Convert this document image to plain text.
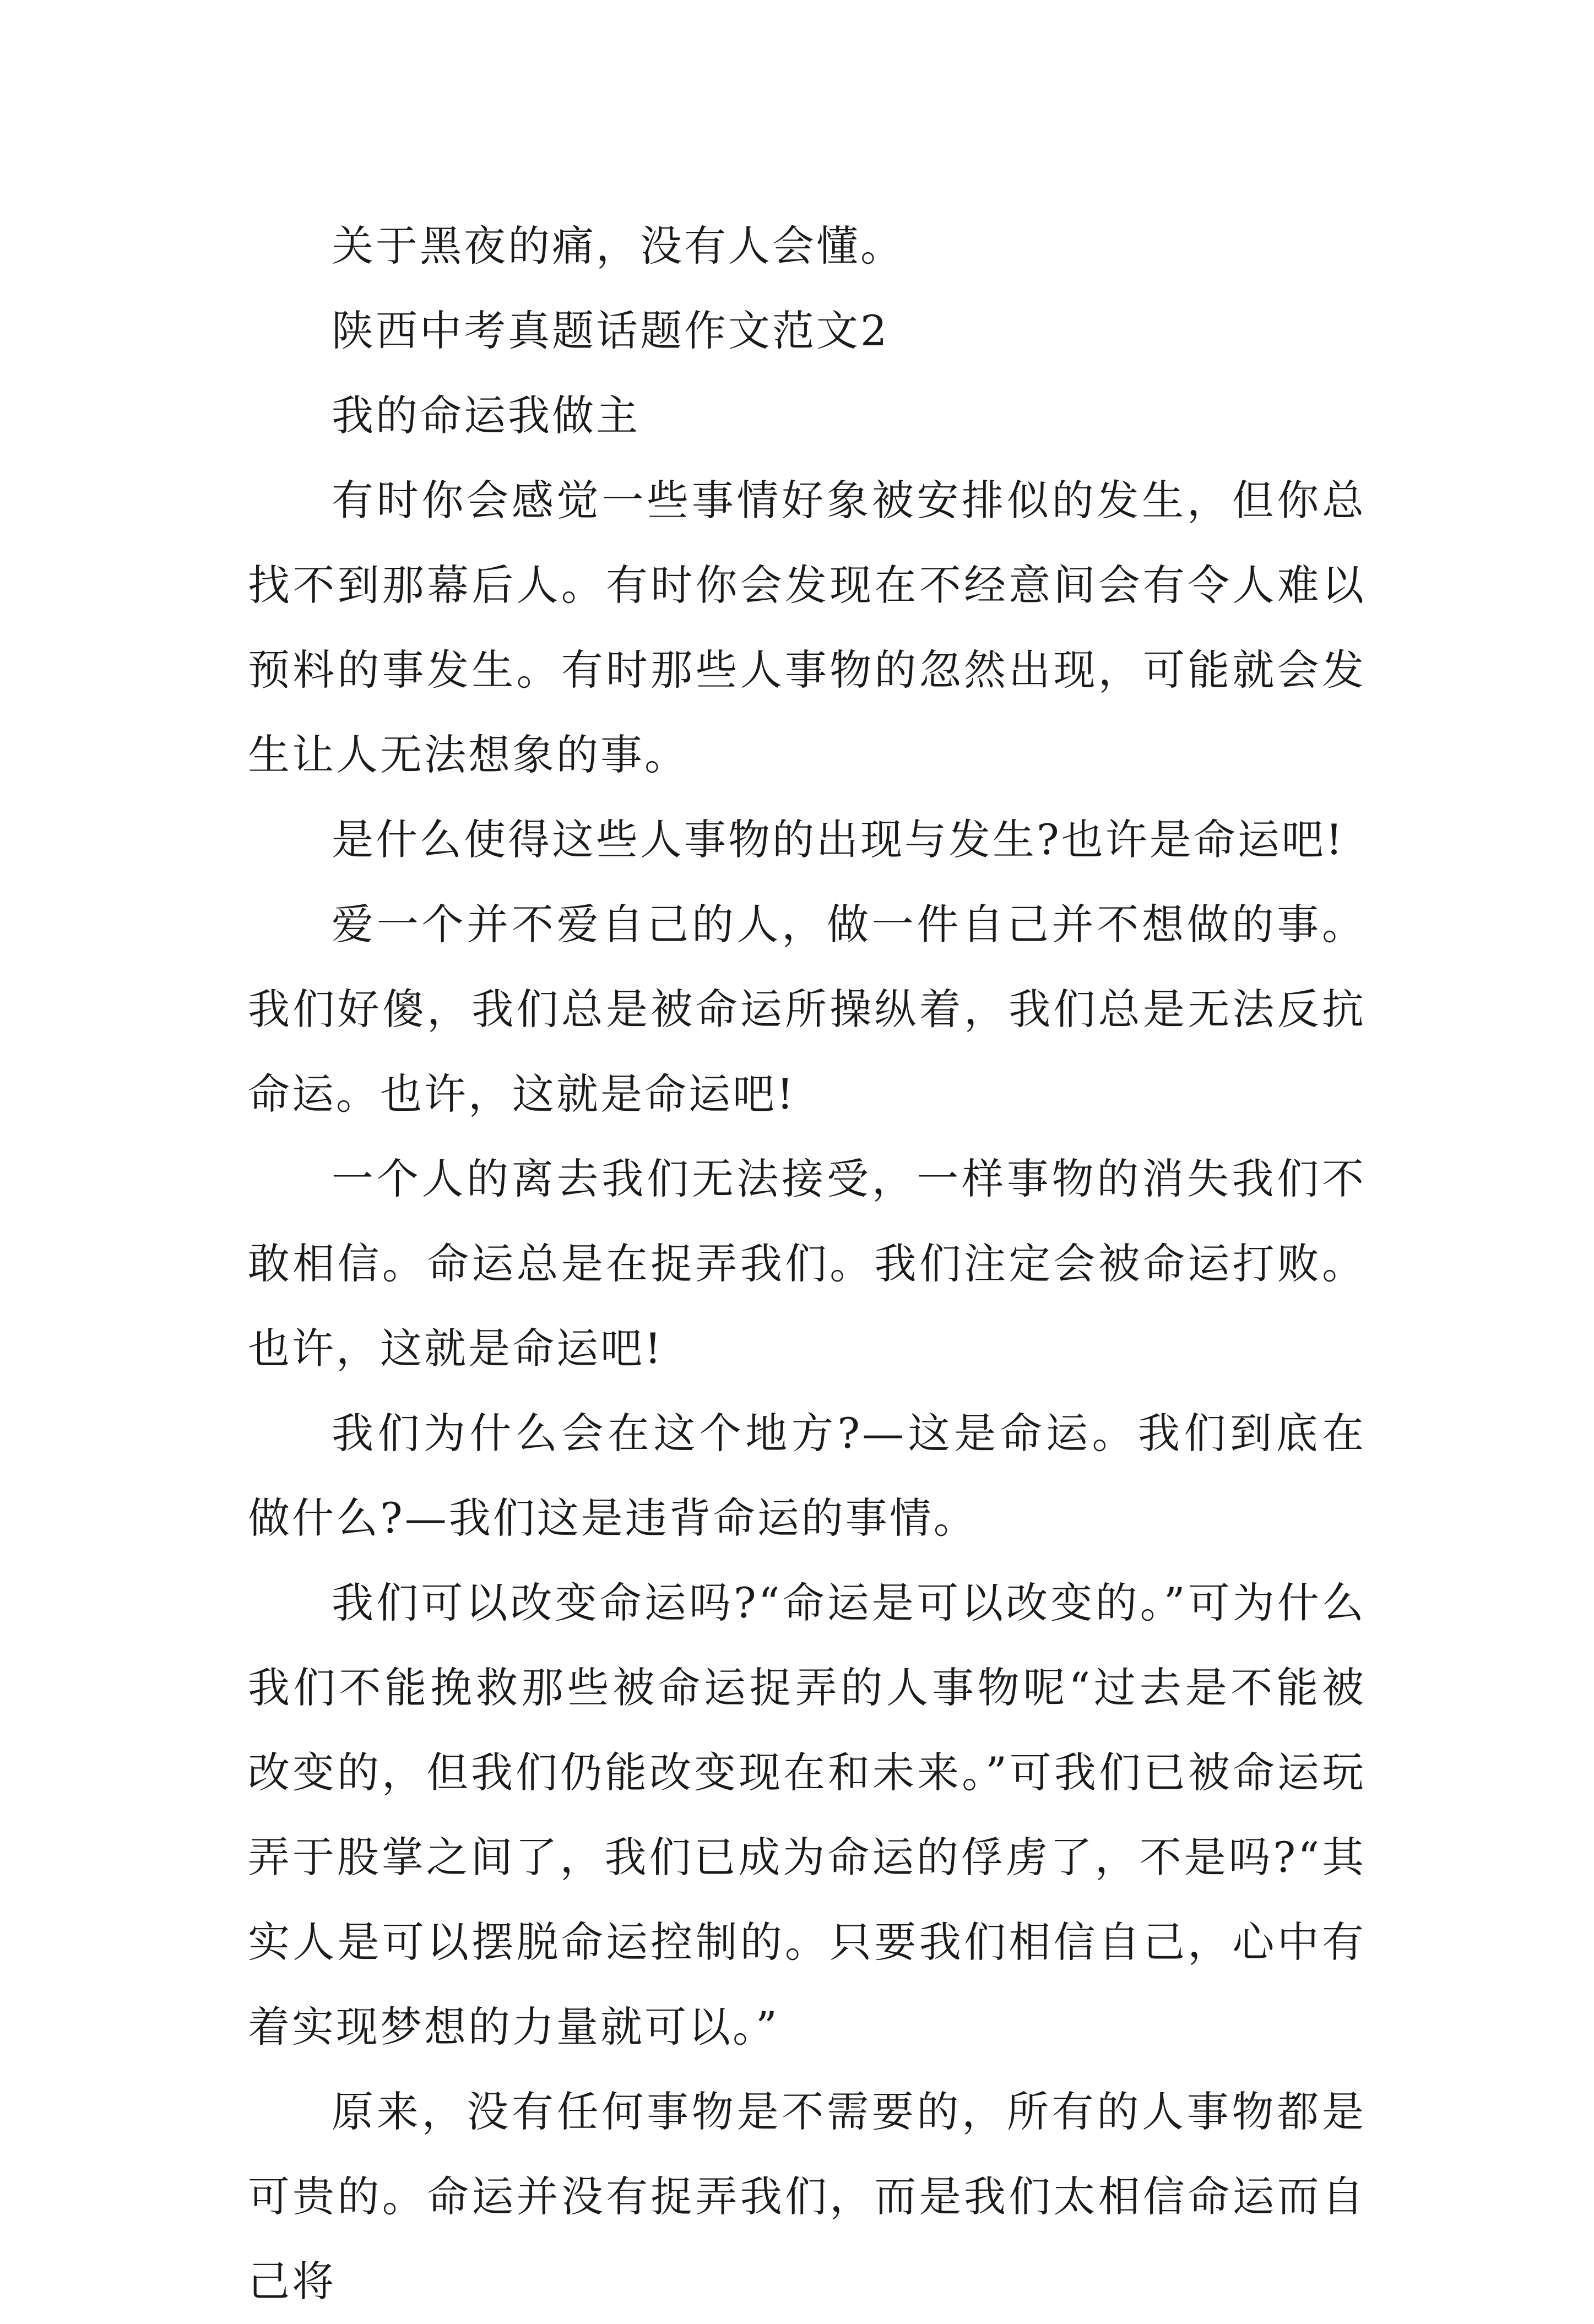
关于黑夜的痛，没有人会懂。

陕西中考真题话题作文范文2

我的命运我做主

有时你会感觉一些事情好象被安排似的发生，但你总找不到那幕后人。有时你会发现在不经意间会有令人难以预料的事发生。有时那些人事物的忽然出现，可能就会发生让人无法想象的事。

是什么使得这些人事物的出现与发生?也许是命运吧!

爱一个并不爱自己的人，做一件自己并不想做的事。我们好傻，我们总是被命运所操纵着，我们总是无法反抗命运。也许，这就是命运吧!

一个人的离去我们无法接受，一样事物的消失我们不敢相信。命运总是在捉弄我们。我们注定会被命运打败。也许，这就是命运吧!

我们为什么会在这个地方?—这是命运。我们到底在做什么?—我们这是违背命运的事情。

我们可以改变命运吗?“命运是可以改变的。”可为什么我们不能挽救那些被命运捉弄的人事物呢“过去是不能被改变的，但我们仍能改变现在和未来。”可我们已被命运玩弄于股掌之间了，我们已成为命运的俘虏了，不是吗?“其实人是可以摆脱命运控制的。只要我们相信自己，心中有着实现梦想的力量就可以。”

原来，没有任何事物是不需要的，所有的人事物都是可贵的。命运并没有捉弄我们，而是我们太相信命运而自己将
